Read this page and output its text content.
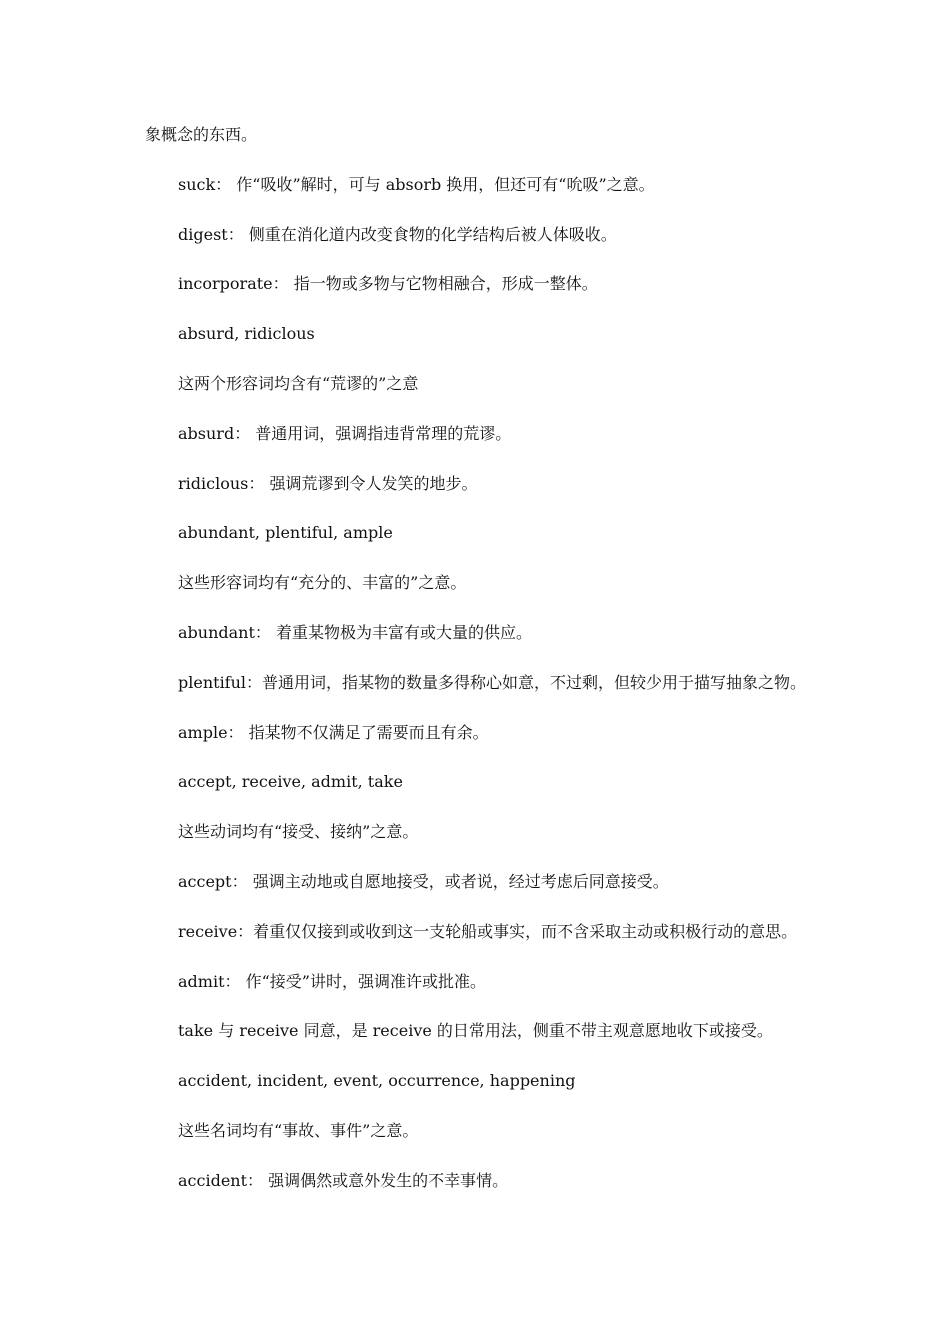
象概念的东西。
suck： 作“吸收”解时，可与 absorb 换用，但还可有“吮吸”之意。
digest： 侧重在消化道内改变食物的化学结构后被人体吸收。
incorporate： 指一物或多物与它物相融合，形成一整体。
absurd, ridiclous
这两个形容词均含有“荒谬的”之意
absurd： 普通用词，强调指违背常理的荒谬。
ridiclous： 强调荒谬到令人发笑的地步。
abundant, plentiful, ample
这些形容词均有“充分的、丰富的”之意。
abundant： 着重某物极为丰富有或大量的供应。
plentiful：普通用词，指某物的数量多得称心如意，不过剩，但较少用于描写抽象之物。
ample： 指某物不仅满足了需要而且有余。
accept, receive, admit, take
这些动词均有“接受、接纳”之意。
accept： 强调主动地或自愿地接受，或者说，经过考虑后同意接受。
receive：着重仅仅接到或收到这一支轮船或事实，而不含采取主动或积极行动的意思。
admit： 作“接受”讲时，强调准许或批准。
take 与 receive 同意，是 receive 的日常用法，侧重不带主观意愿地收下或接受。
accident, incident, event, occurrence, happening
这些名词均有“事故、事件”之意。
accident： 强调偶然或意外发生的不幸事情。
